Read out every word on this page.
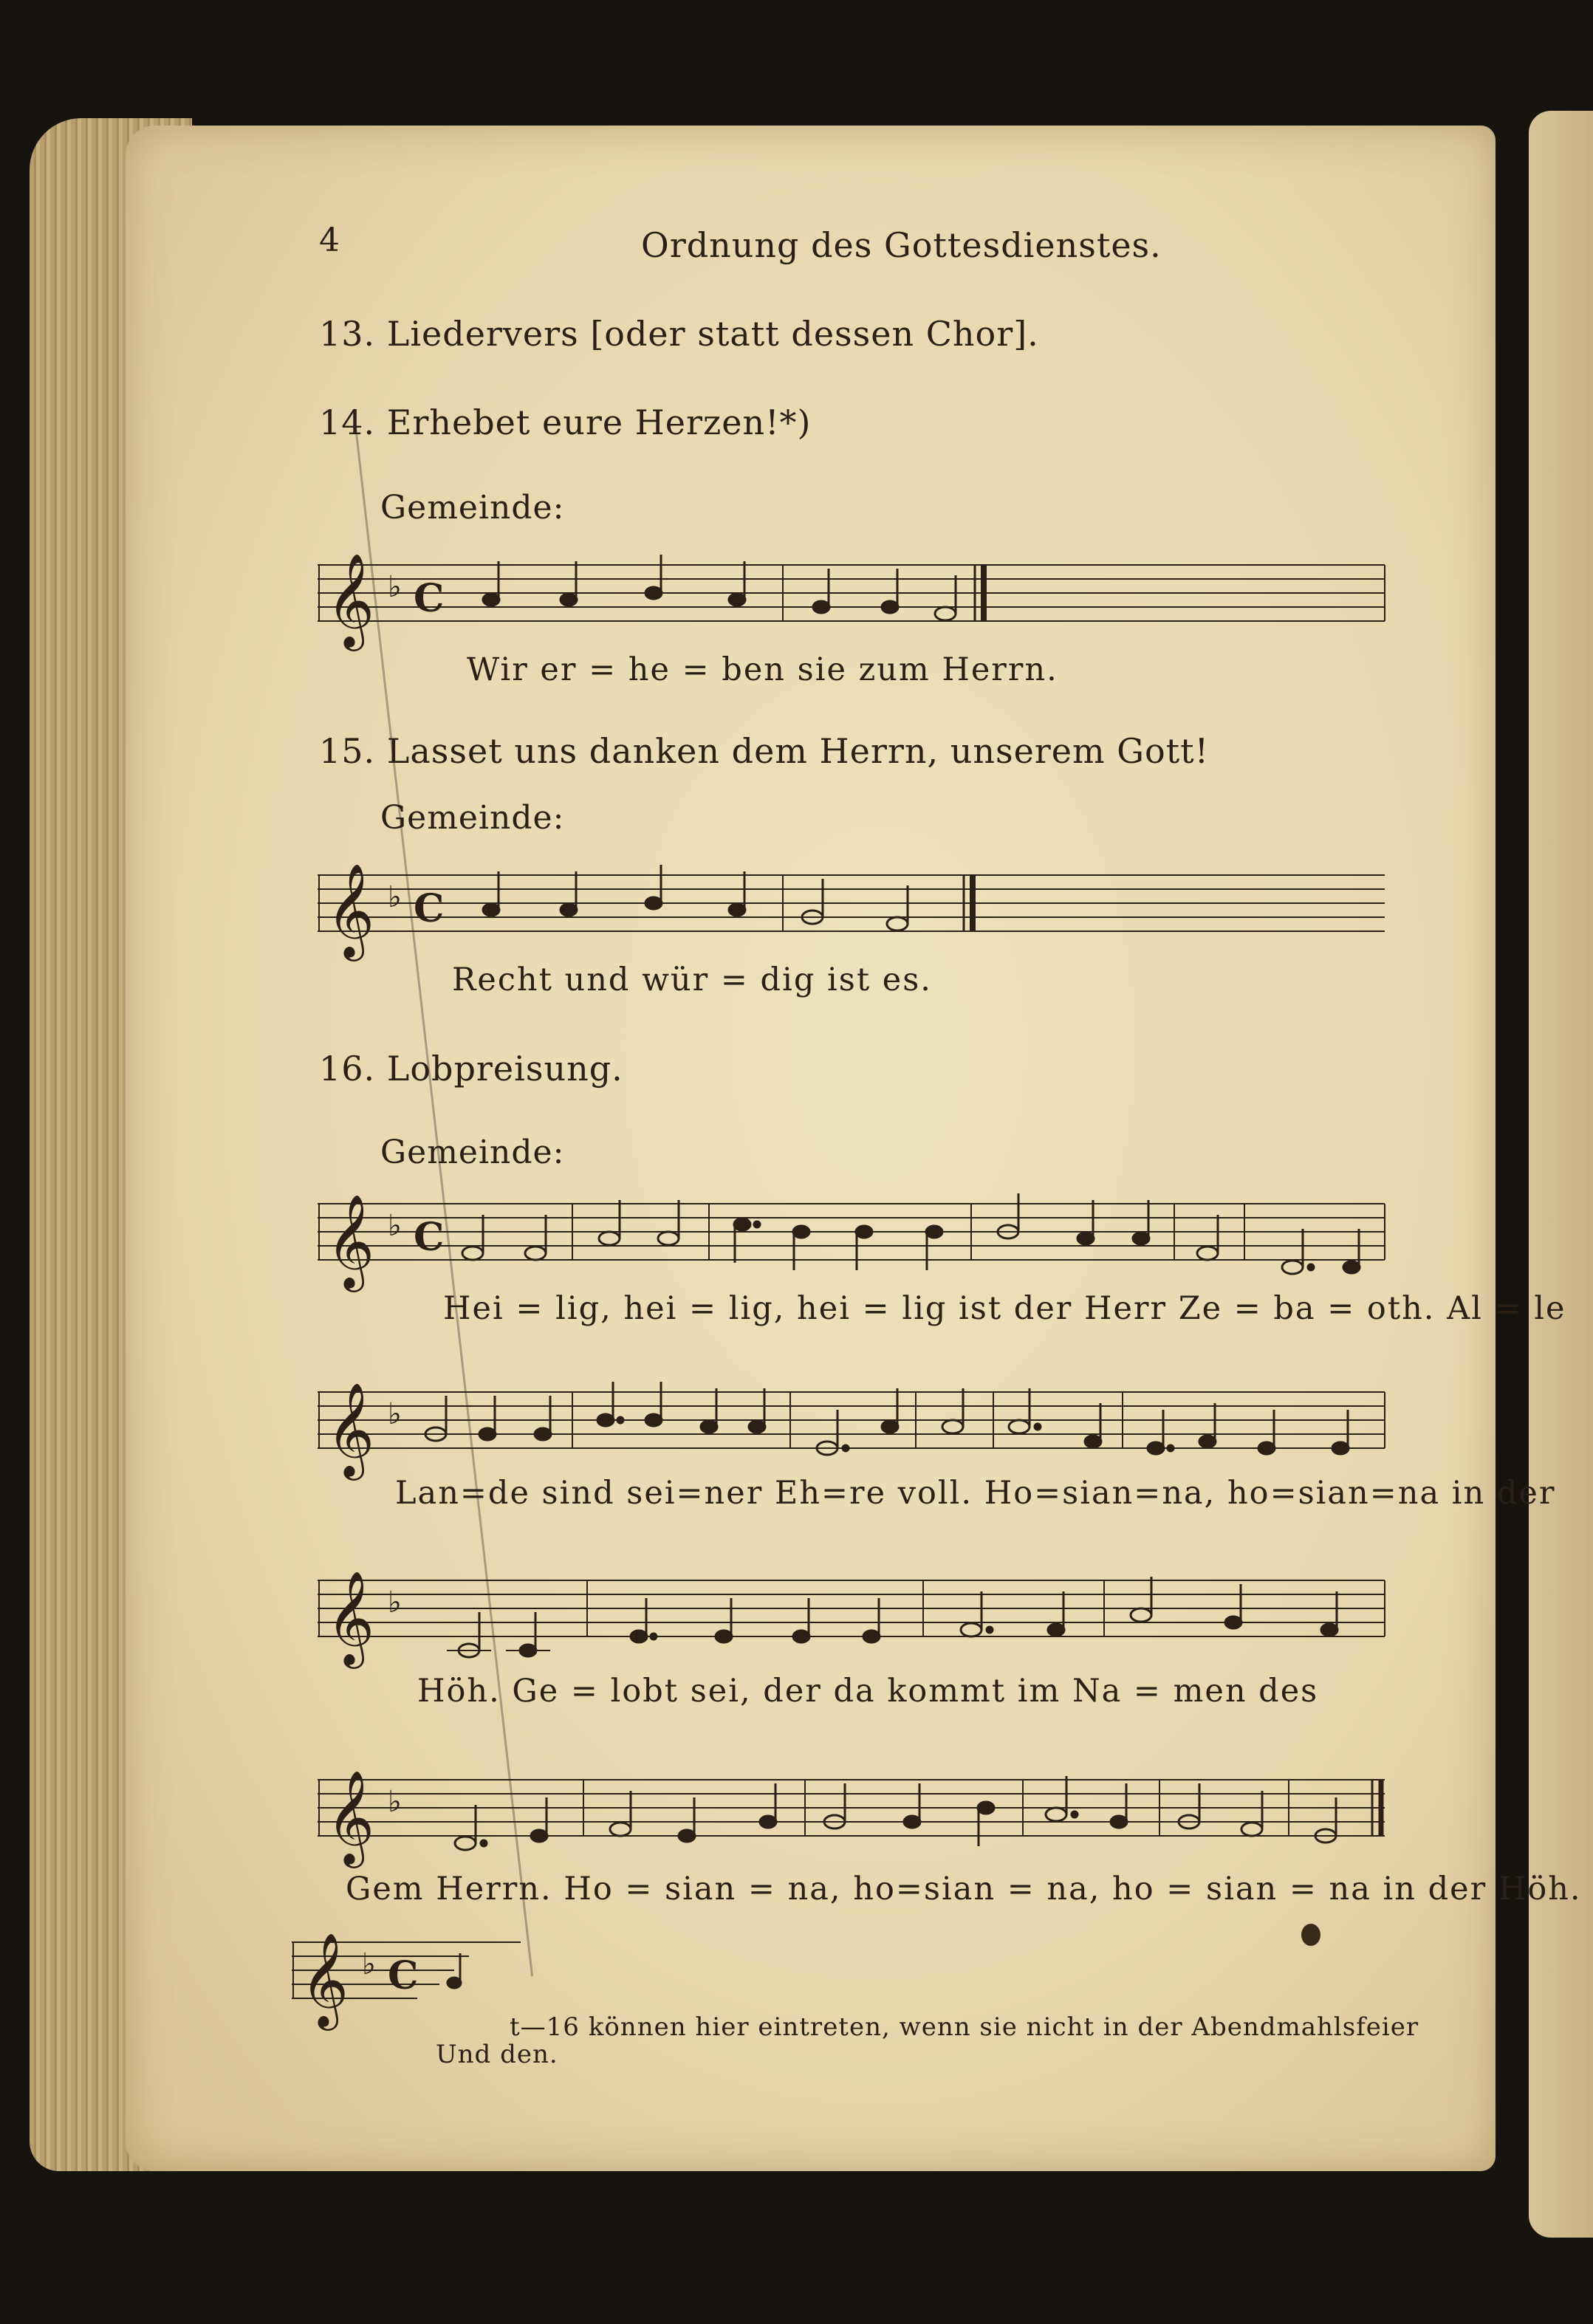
4	Ordnung des Gottesdienstes.
13. Liedervers [oder statt dessen Chor].
14. Erhebet eure Herzen!*)
Gemeinde:
𝄞 ♭ C
Wir er = he = ben sie zum Herrn.
15. Lasset uns danken dem Herrn, unserem Gott!
Gemeinde:
𝄞 ♭ C
Recht und wür = dig ist es.
16. Lobpreisung.
Gemeinde:
𝄞 ♭ C
Hei = lig, hei = lig, hei = lig ist der Herr Ze = ba = oth. Al = le
𝄞 ♭
Lan=de sind sei=ner Eh=re voll. Ho=sian=na, ho=sian=na in der
𝄞 ♭
Höh. Ge = lobt sei, der da kommt im Na = men des
𝄞 ♭
Gem Herrn. Ho = sian = na, ho=sian = na, ho = sian = na in der Höh.
𝄞 ♭ C
t—16 können hier eintreten, wenn sie nicht in der Abendmahlsfeier
Und den.
